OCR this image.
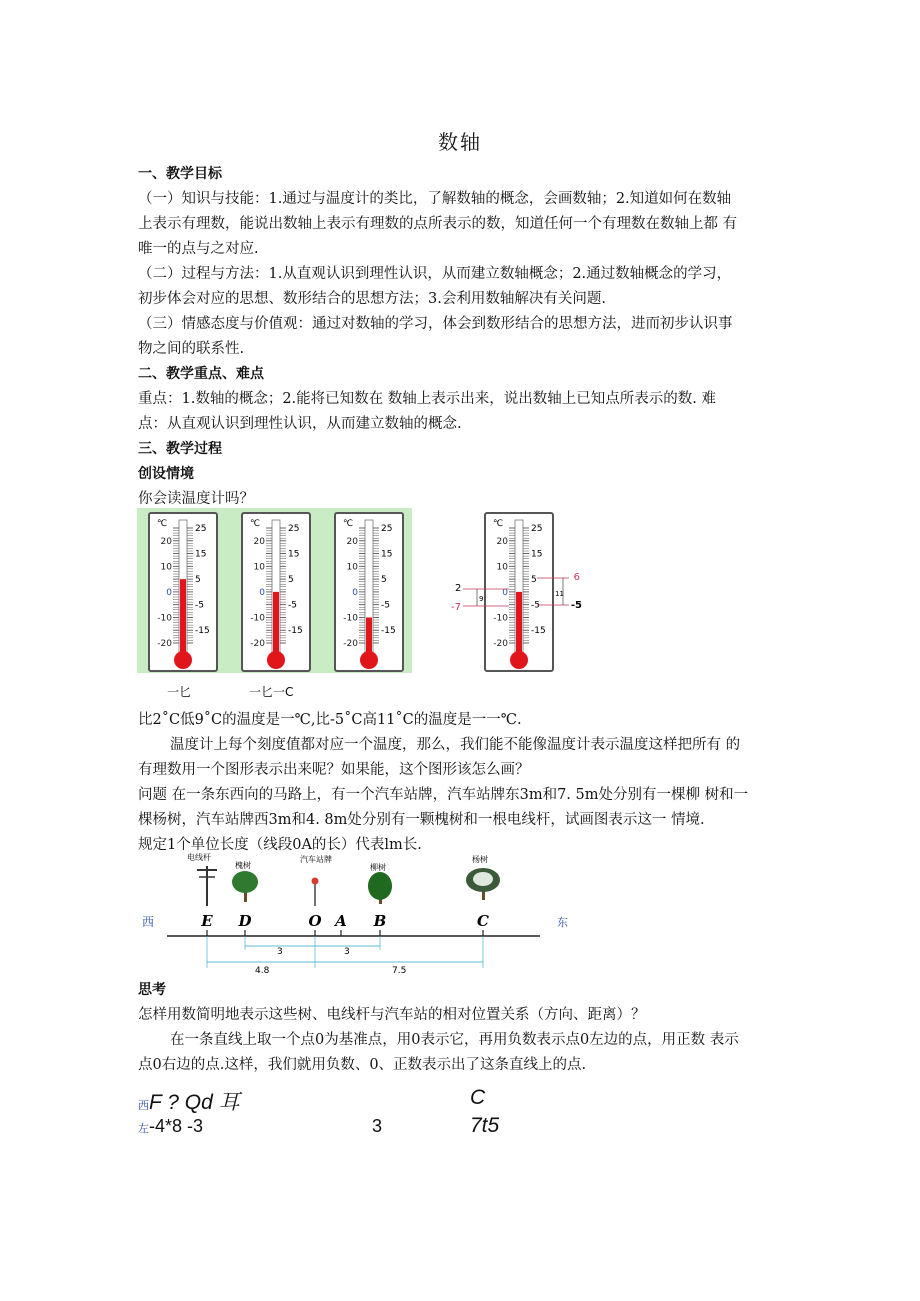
数轴
一、教学目标
（一）知识与技能：1.通过与温度计的类比，了解数轴的概念，会画数轴；2.知道如何在数轴
上表示有理数，能说出数轴上表示有理数的点所表示的数，知道任何一个有理数在数轴上都 有
唯一的点与之对应.
（二）过程与方法：1.从直观认识到理性认识，从而建立数轴概念；2.通过数轴概念的学习，
初步体会对应的思想、数形结合的思想方法；3.会利用数轴解决有关问题.
（三）情感态度与价值观：通过对数轴的学习，体会到数形结合的思想方法，进而初步认识事
物之间的联系性.
二、教学重点、难点
重点：1.数轴的概念；2.能将已知数在 数轴上表示出来，说出数轴上已知点所表示的数. 难
点：从直观认识到理性认识，从而建立数轴的概念.
三、教学过程
创设情境
你会读温度计吗？
℃
20
10
0
-10
-20
25
15
5
-5
-15
℃
20
10
0
-10
-20
25
15
5
-5
-15
℃
20
10
0
-10
-20
25
15
5
-5
-15
℃
20
10
0
-10
-20
25
15
5
-5
-15
一匕	一匕一C
2
-7
9
6
11
-5
比2˚C低9˚C的温度是一℃,比-5˚C高11˚C的温度是一一℃.
温度计上每个刻度值都对应一个温度，那么，我们能不能像温度计表示温度这样把所有 的
有理数用一个图形表示出来呢？如果能，这个图形该怎么画？
问题 在一条东西向的马路上，有一个汽车站牌，汽车站牌东3m和7. 5m处分别有一棵柳 树和一
棵杨树，汽车站牌西3m和4. 8m处分别有一颗槐树和一根电线杆，试画图表示这一 情境.
规定1个单位长度（线段0A的长）代表lm长.
西	东
电线杆
槐树
汽车站牌
柳树
杨树
E D	O A B	C
3	3
4.8	7.5
思考
怎样用数简明地表示这些树、电线杆与汽车站的相对位置关系（方向、距离）？
在一条直线上取一个点0为基准点，用0表示它，再用负数表示点0左边的点，用正数 表示
点0右边的点.这样，我们就用负数、0、正数表示出了这条直线上的点.
西F ? Qd 耳	C
左-4*8 -3	3	7t5
